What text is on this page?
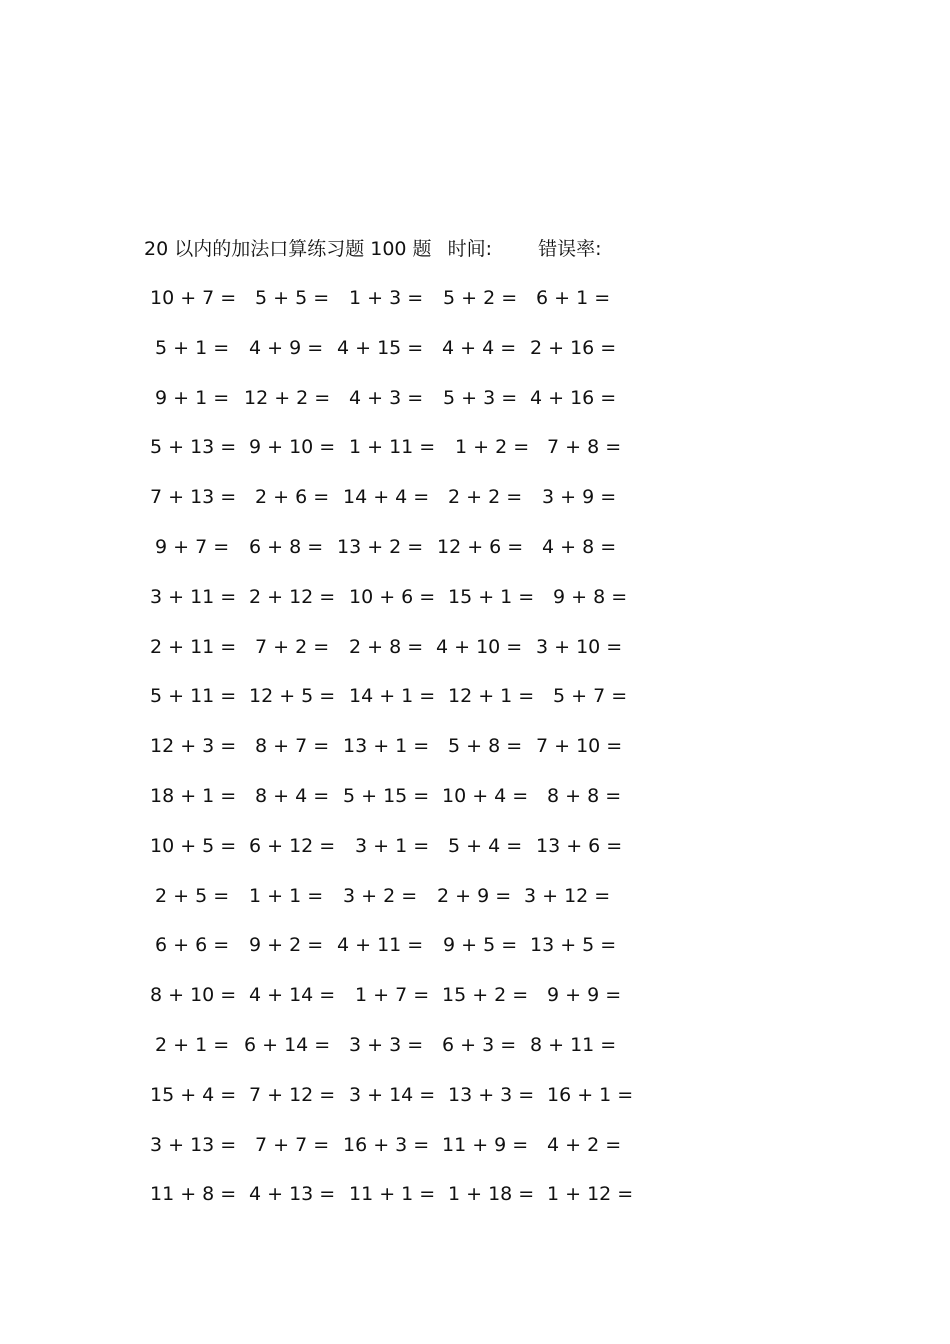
20 以内的加法口算练习题 100 题 时间: 错误率:
10 + 7 = 5 + 5 = 1 + 3 = 5 + 2 = 6 + 1 =
5 + 1 = 4 + 9 = 4 + 15 = 4 + 4 = 2 + 16 =
9 + 1 = 12 + 2 = 4 + 3 = 5 + 3 = 4 + 16 =
5 + 13 = 9 + 10 = 1 + 11 = 1 + 2 = 7 + 8 =
7 + 13 = 2 + 6 = 14 + 4 = 2 + 2 = 3 + 9 =
9 + 7 = 6 + 8 = 13 + 2 = 12 + 6 = 4 + 8 =
3 + 11 = 2 + 12 = 10 + 6 = 15 + 1 = 9 + 8 =
2 + 11 = 7 + 2 = 2 + 8 = 4 + 10 = 3 + 10 =
5 + 11 = 12 + 5 = 14 + 1 = 12 + 1 = 5 + 7 =
12 + 3 = 8 + 7 = 13 + 1 = 5 + 8 = 7 + 10 =
18 + 1 = 8 + 4 = 5 + 15 = 10 + 4 = 8 + 8 =
10 + 5 = 6 + 12 = 3 + 1 = 5 + 4 = 13 + 6 =
2 + 5 = 1 + 1 = 3 + 2 = 2 + 9 = 3 + 12 =
6 + 6 = 9 + 2 = 4 + 11 = 9 + 5 = 13 + 5 =
8 + 10 = 4 + 14 = 1 + 7 = 15 + 2 = 9 + 9 =
2 + 1 = 6 + 14 = 3 + 3 = 6 + 3 = 8 + 11 =
15 + 4 = 7 + 12 = 3 + 14 = 13 + 3 = 16 + 1 =
3 + 13 = 7 + 7 = 16 + 3 = 11 + 9 = 4 + 2 =
11 + 8 = 4 + 13 = 11 + 1 = 1 + 18 = 1 + 12 =
